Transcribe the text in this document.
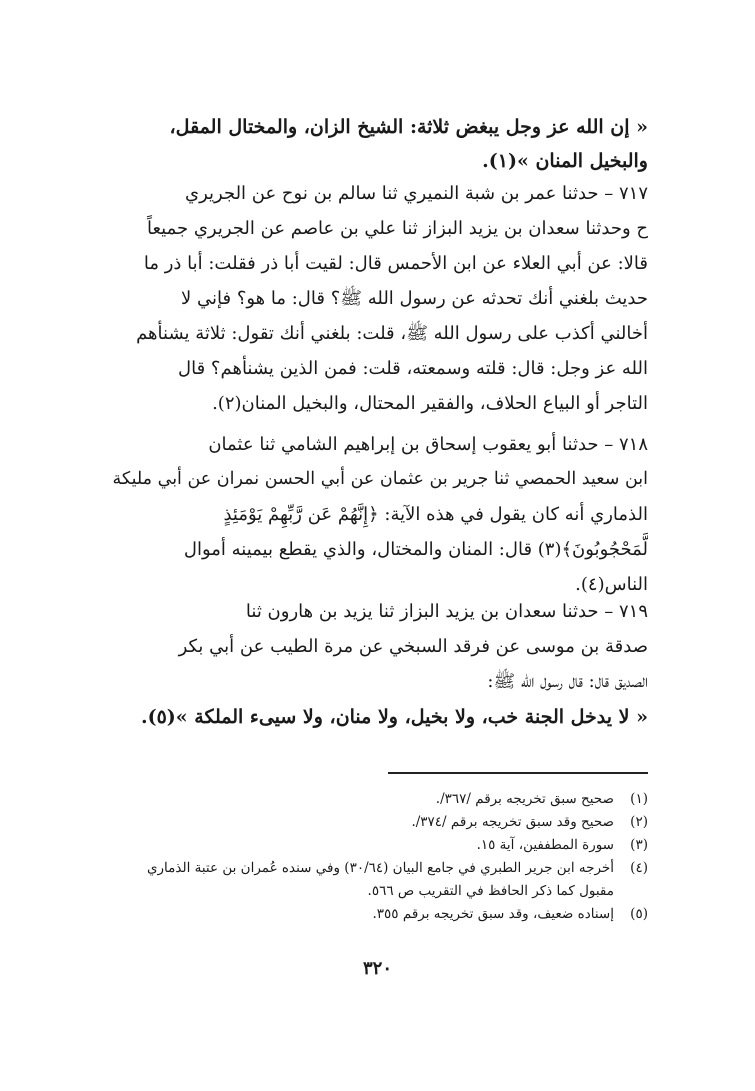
« إن الله عز وجل يبغض ثلاثة: الشيخ الزان، والمختال المقل،
والبخيل المنان »(١).
٧١٧ – حدثنا عمر بن شبة النميري ثنا سالم بن نوح عن الجريري
ح وحدثنا سعدان بن يزيد البزاز ثنا علي بن عاصم عن الجريري جميعاً
قالا: عن أبي العلاء عن ابن الأحمس قال: لقيت أبا ذر فقلت: أبا ذر ما
حديث بلغني أنك تحدثه عن رسول الله ﷺ؟ قال: ما هو؟ فإني لا
أخالني أكذب على رسول الله ﷺ، قلت: بلغني أنك تقول: ثلاثة يشنأهم
الله عز وجل: قال: قلته وسمعته، قلت: فمن الذين يشنأهم؟ قال
التاجر أو البياع الحلاف، والفقير المحتال، والبخيل المنان(٢).
٧١٨ – حدثنا أبو يعقوب إسحاق بن إبراهيم الشامي ثنا عثمان
ابن سعيد الحمصي ثنا جرير بن عثمان عن أبي الحسن نمران عن أبي مليكة
الذماري أنه كان يقول في هذه الآية: ﴿إِنَّهُمْ عَن رَّبِّهِمْ يَوْمَئِذٍ
لَّمَحْجُوبُونَ﴾(٣) قال: المنان والمختال، والذي يقطع بيمينه أموال
الناس(٤).
٧١٩ – حدثنا سعدان بن يزيد البزاز ثنا يزيد بن هارون ثنا
صدقة بن موسى عن فرقد السبخي عن مرة الطيب عن أبي بكر
الصديق قال: قال رسول الله ﷺ:
« لا يدخل الجنة خب، ولا بخيل، ولا منان، ولا سيىء الملكة »(٥).
(١)
صحيح سبق تخريجه برقم /٣٦٧/.
(٢)
صحيح وقد سبق تخريجه برقم /٣٧٤/.
(٣)
سورة المطففين، آية ١٥.
(٤)
أخرجه ابن جرير الطبري في جامع البيان (٣٠/٦٤) وفي سنده عُمران بن عتبة الذماري مقبول كما ذكر الحافظ في التقريب ص ٥٦٦.
(٥)
إسناده ضعيف، وقد سبق تخريجه برقم ٣٥٥.
٣٢٠
